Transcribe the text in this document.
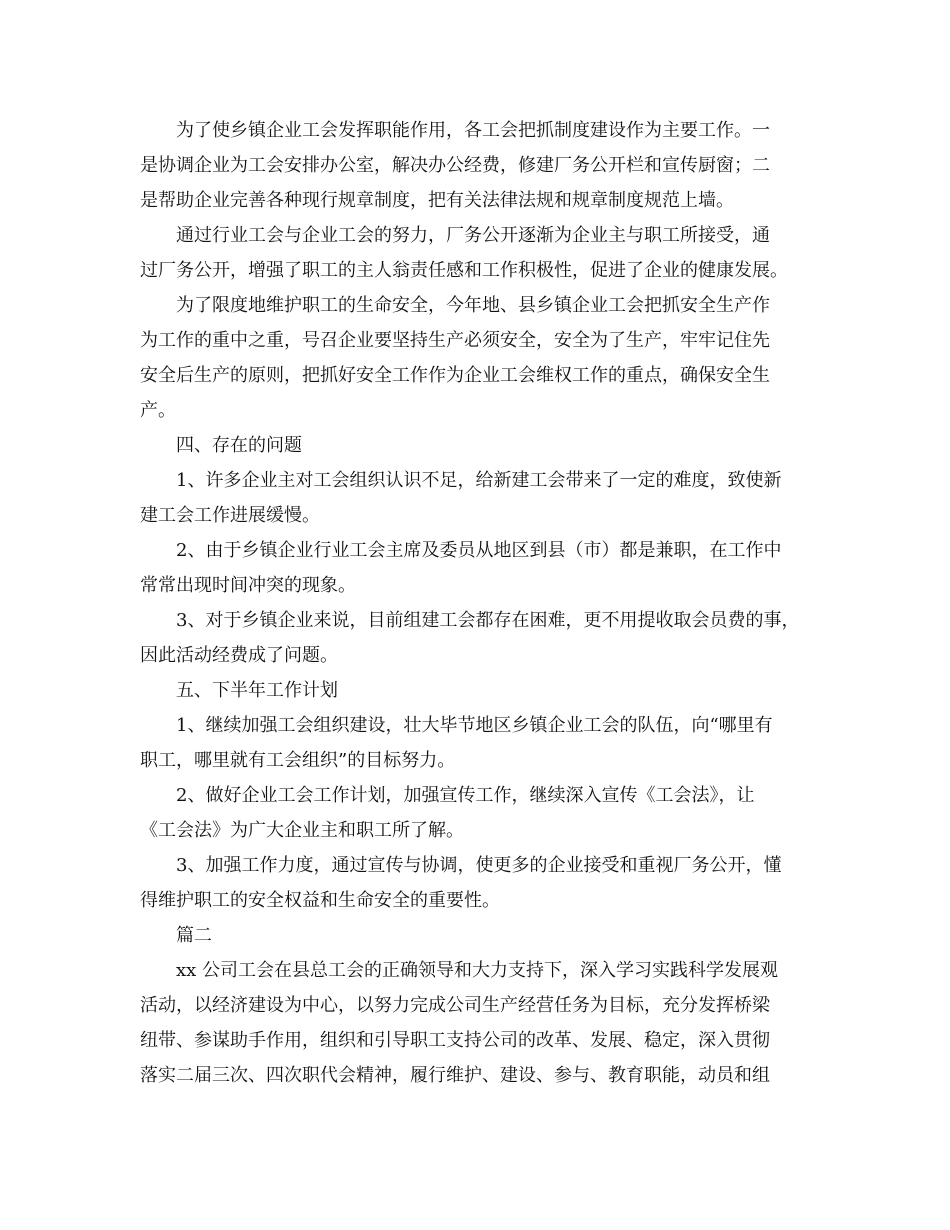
为了使乡镇企业工会发挥职能作用，各工会把抓制度建设作为主要工作。一
是协调企业为工会安排办公室，解决办公经费，修建厂务公开栏和宣传厨窗；二
是帮助企业完善各种现行规章制度，把有关法律法规和规章制度规范上墙。
通过行业工会与企业工会的努力，厂务公开逐渐为企业主与职工所接受，通
过厂务公开，增强了职工的主人翁责任感和工作积极性，促进了企业的健康发展。
为了限度地维护职工的生命安全，今年地、县乡镇企业工会把抓安全生产作
为工作的重中之重，号召企业要坚持生产必须安全，安全为了生产，牢牢记住先
安全后生产的原则，把抓好安全工作作为企业工会维权工作的重点，确保安全生
产。
四、存在的问题
1、许多企业主对工会组织认识不足，给新建工会带来了一定的难度，致使新
建工会工作进展缓慢。
2、由于乡镇企业行业工会主席及委员从地区到县（市）都是兼职，在工作中
常常出现时间冲突的现象。
3、对于乡镇企业来说，目前组建工会都存在困难，更不用提收取会员费的事，
因此活动经费成了问题。
五、下半年工作计划
1、继续加强工会组织建设，壮大毕节地区乡镇企业工会的队伍，向“哪里有
职工，哪里就有工会组织”的目标努力。
2、做好企业工会工作计划，加强宣传工作，继续深入宣传《工会法》，让
《工会法》为广大企业主和职工所了解。
3、加强工作力度，通过宣传与协调，使更多的企业接受和重视厂务公开，懂
得维护职工的安全权益和生命安全的重要性。
篇二
xx 公司工会在县总工会的正确领导和大力支持下，深入学习实践科学发展观
活动，以经济建设为中心，以努力完成公司生产经营任务为目标，充分发挥桥梁
纽带、参谋助手作用，组织和引导职工支持公司的改革、发展、稳定，深入贯彻
落实二届三次、四次职代会精神，履行维护、建设、参与、教育职能，动员和组
